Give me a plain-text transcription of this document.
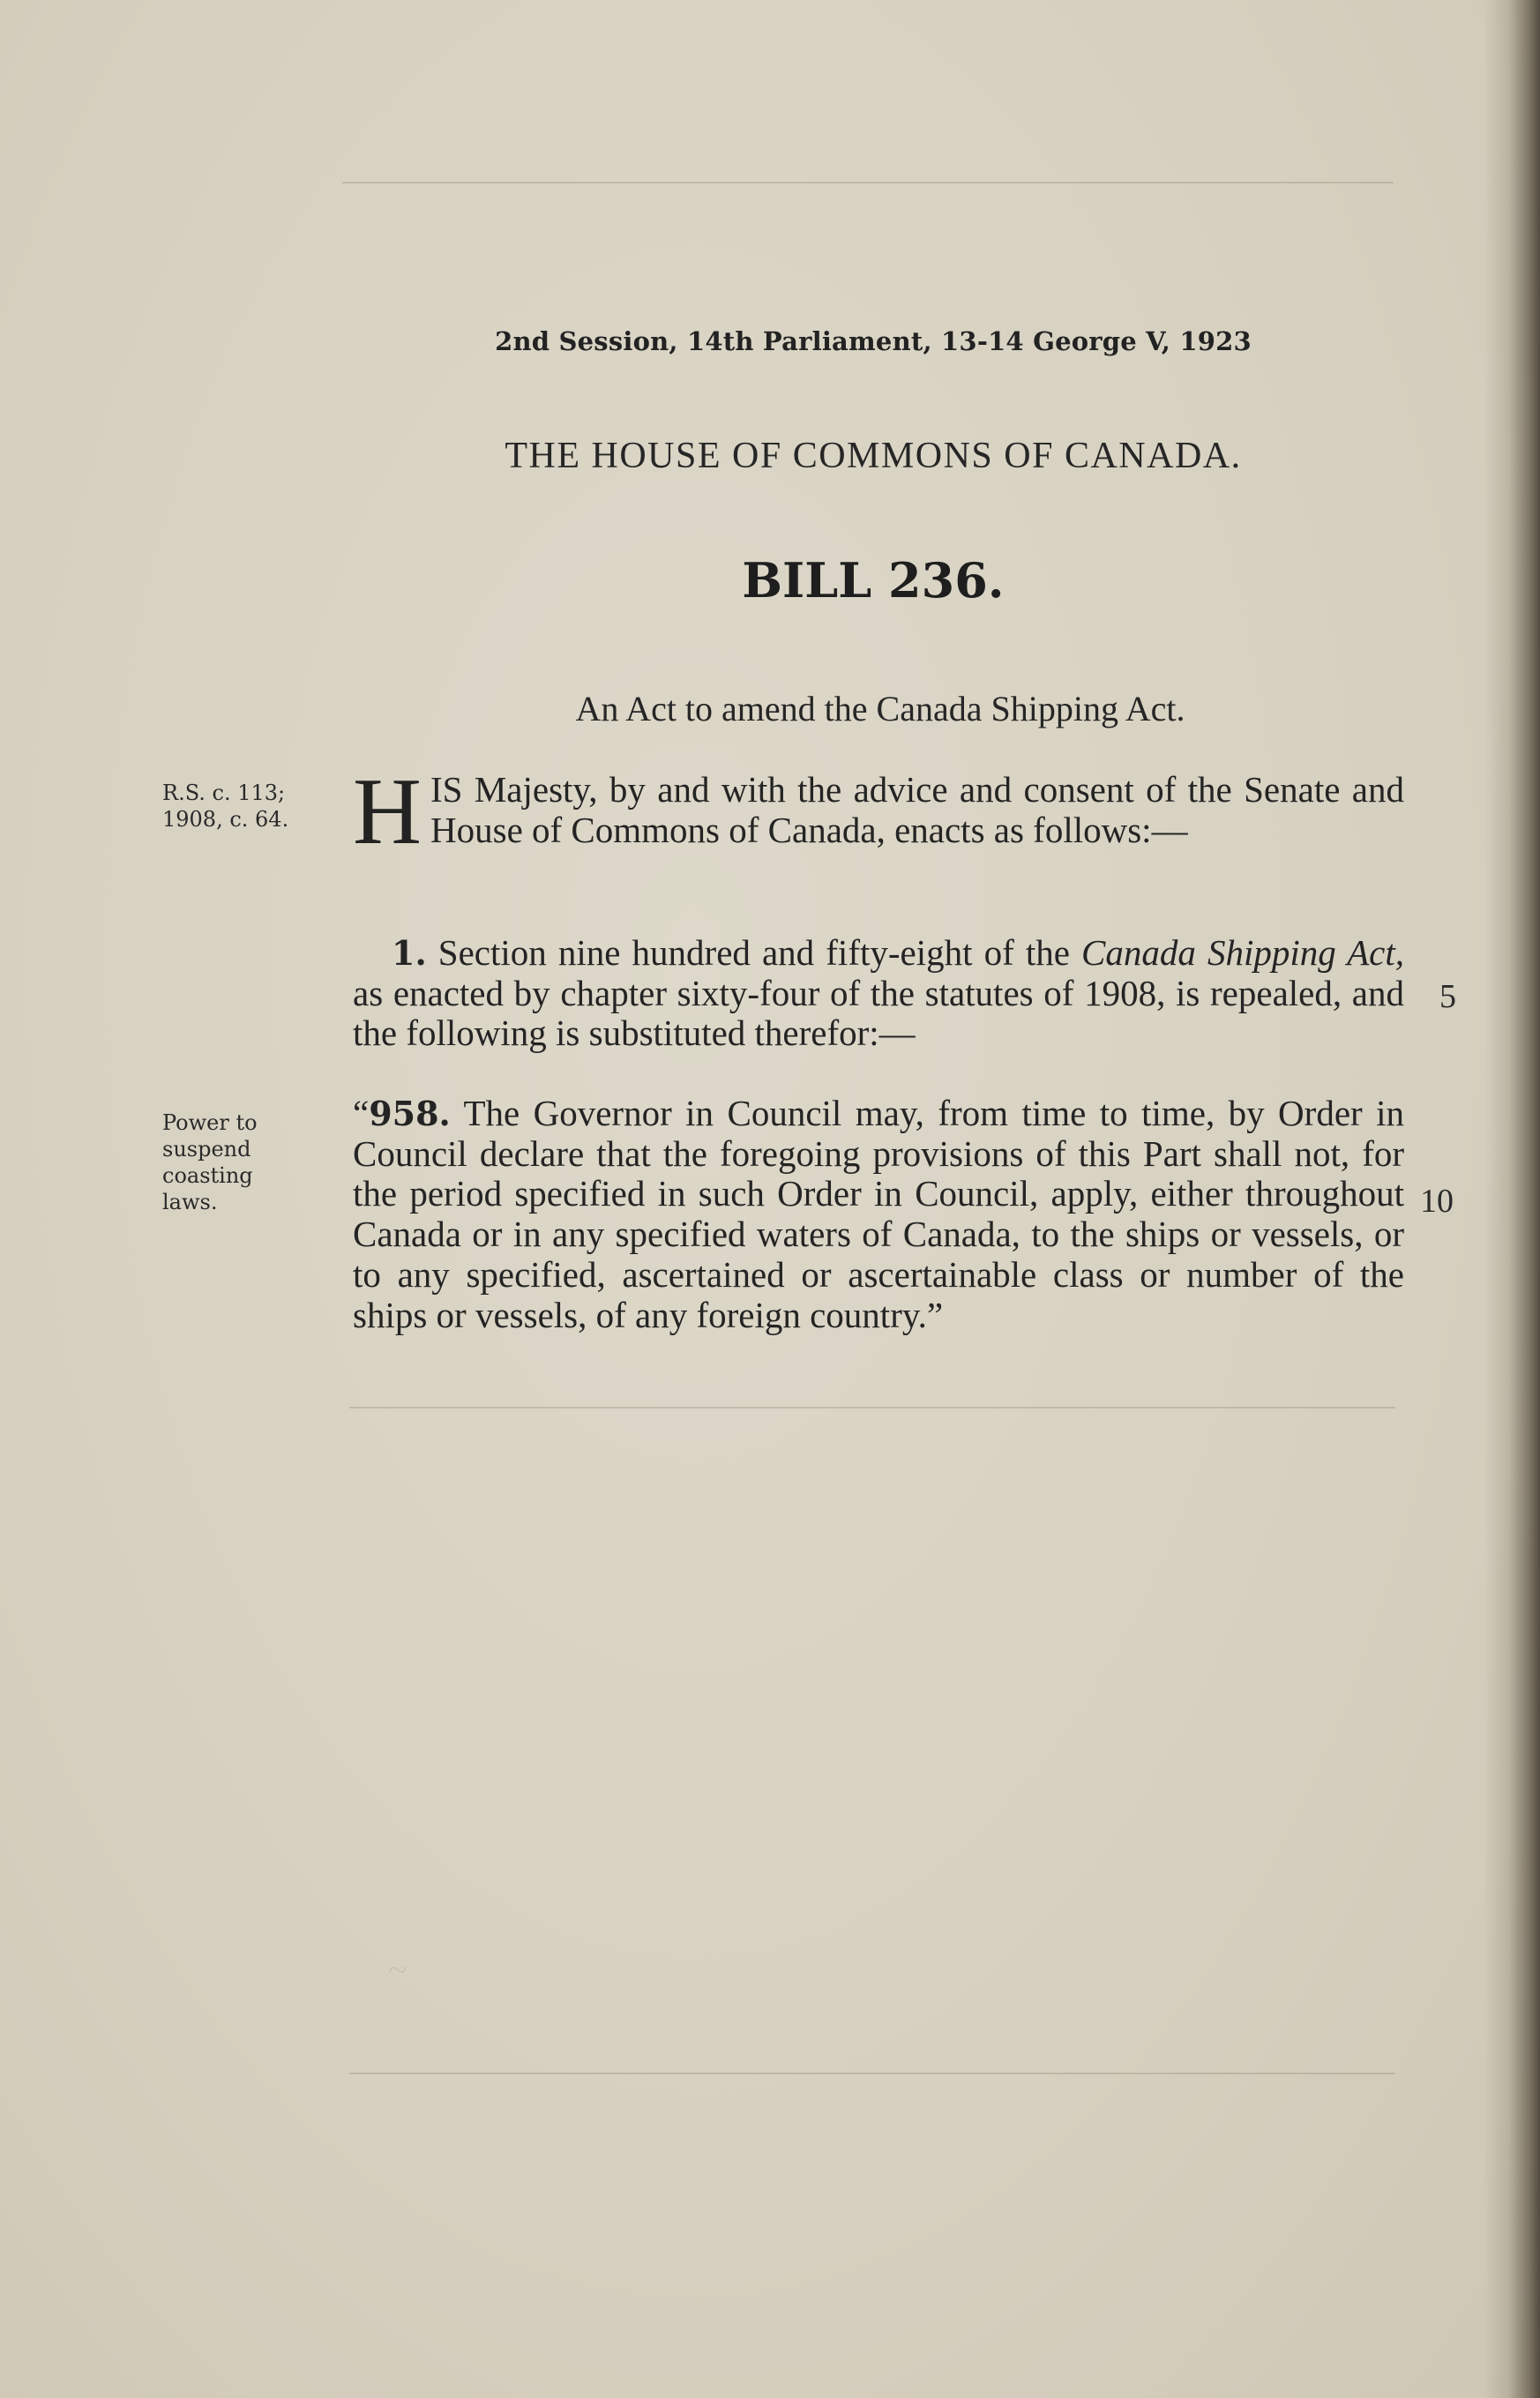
~
2nd Session, 14th Parliament, 13-14 George V, 1923
THE HOUSE OF COMMONS OF CANADA.
BILL 236.
An Act to amend the Canada Shipping Act.
R.S. c. 113;
1908, c. 64.
Power to
suspend
coasting
laws.
HIS Majesty, by and with the advice and consent of the Senate and House of Commons of Canada, enacts as follows:—
1. Section nine hundred and fifty-eight of the Canada Shipping Act, as enacted by chapter sixty-four of the statutes of 1908, is repealed, and the following is substituted therefor:—
“958. The Governor in Council may, from time to time, by Order in Council declare that the foregoing provisions of this Part shall not, for the period specified in such Order in Council, apply, either throughout Canada or in any specified waters of Canada, to the ships or vessels, or to any specified, ascertained or ascertainable class or number of the ships or vessels, of any foreign country.”
5
10
